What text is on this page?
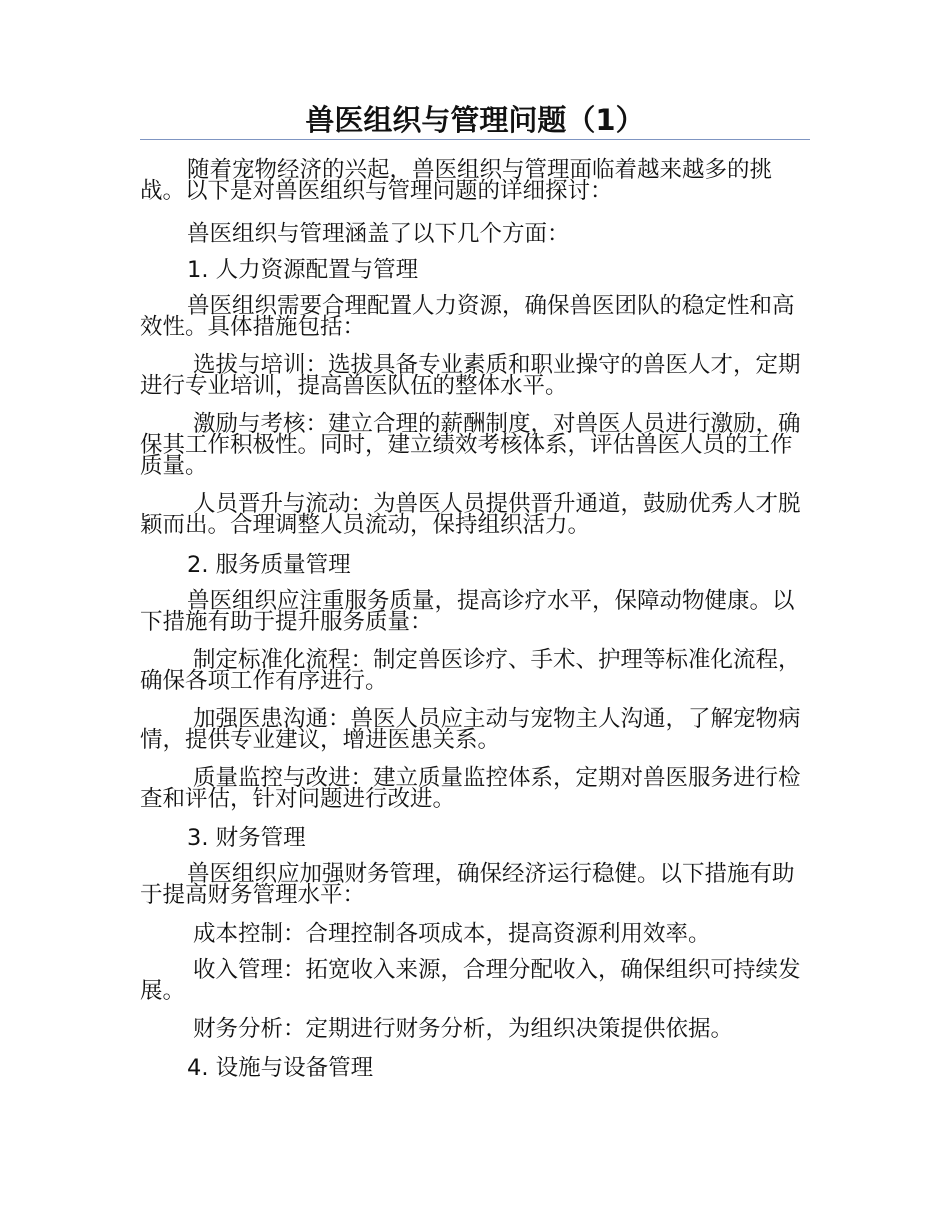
兽医组织与管理问题（1）
随着宠物经济的兴起，兽医组织与管理面临着越来越多的挑战。以下是对兽医组织与管理问题的详细探讨：
兽医组织与管理涵盖了以下几个方面：
1. 人力资源配置与管理
兽医组织需要合理配置人力资源，确保兽医团队的稳定性和高效性。具体措施包括：
选拔与培训：选拔具备专业素质和职业操守的兽医人才，定期进行专业培训，提高兽医队伍的整体水平。
激励与考核：建立合理的薪酬制度，对兽医人员进行激励，确保其工作积极性。同时，建立绩效考核体系，评估兽医人员的工作质量。
人员晋升与流动：为兽医人员提供晋升通道，鼓励优秀人才脱颖而出。合理调整人员流动，保持组织活力。
2. 服务质量管理
兽医组织应注重服务质量，提高诊疗水平，保障动物健康。以下措施有助于提升服务质量：
制定标准化流程：制定兽医诊疗、手术、护理等标准化流程，确保各项工作有序进行。
加强医患沟通：兽医人员应主动与宠物主人沟通，了解宠物病情，提供专业建议，增进医患关系。
质量监控与改进：建立质量监控体系，定期对兽医服务进行检查和评估，针对问题进行改进。
3. 财务管理
兽医组织应加强财务管理，确保经济运行稳健。以下措施有助于提高财务管理水平：
成本控制：合理控制各项成本，提高资源利用效率。
收入管理：拓宽收入来源，合理分配收入，确保组织可持续发展。
财务分析：定期进行财务分析，为组织决策提供依据。
4. 设施与设备管理
